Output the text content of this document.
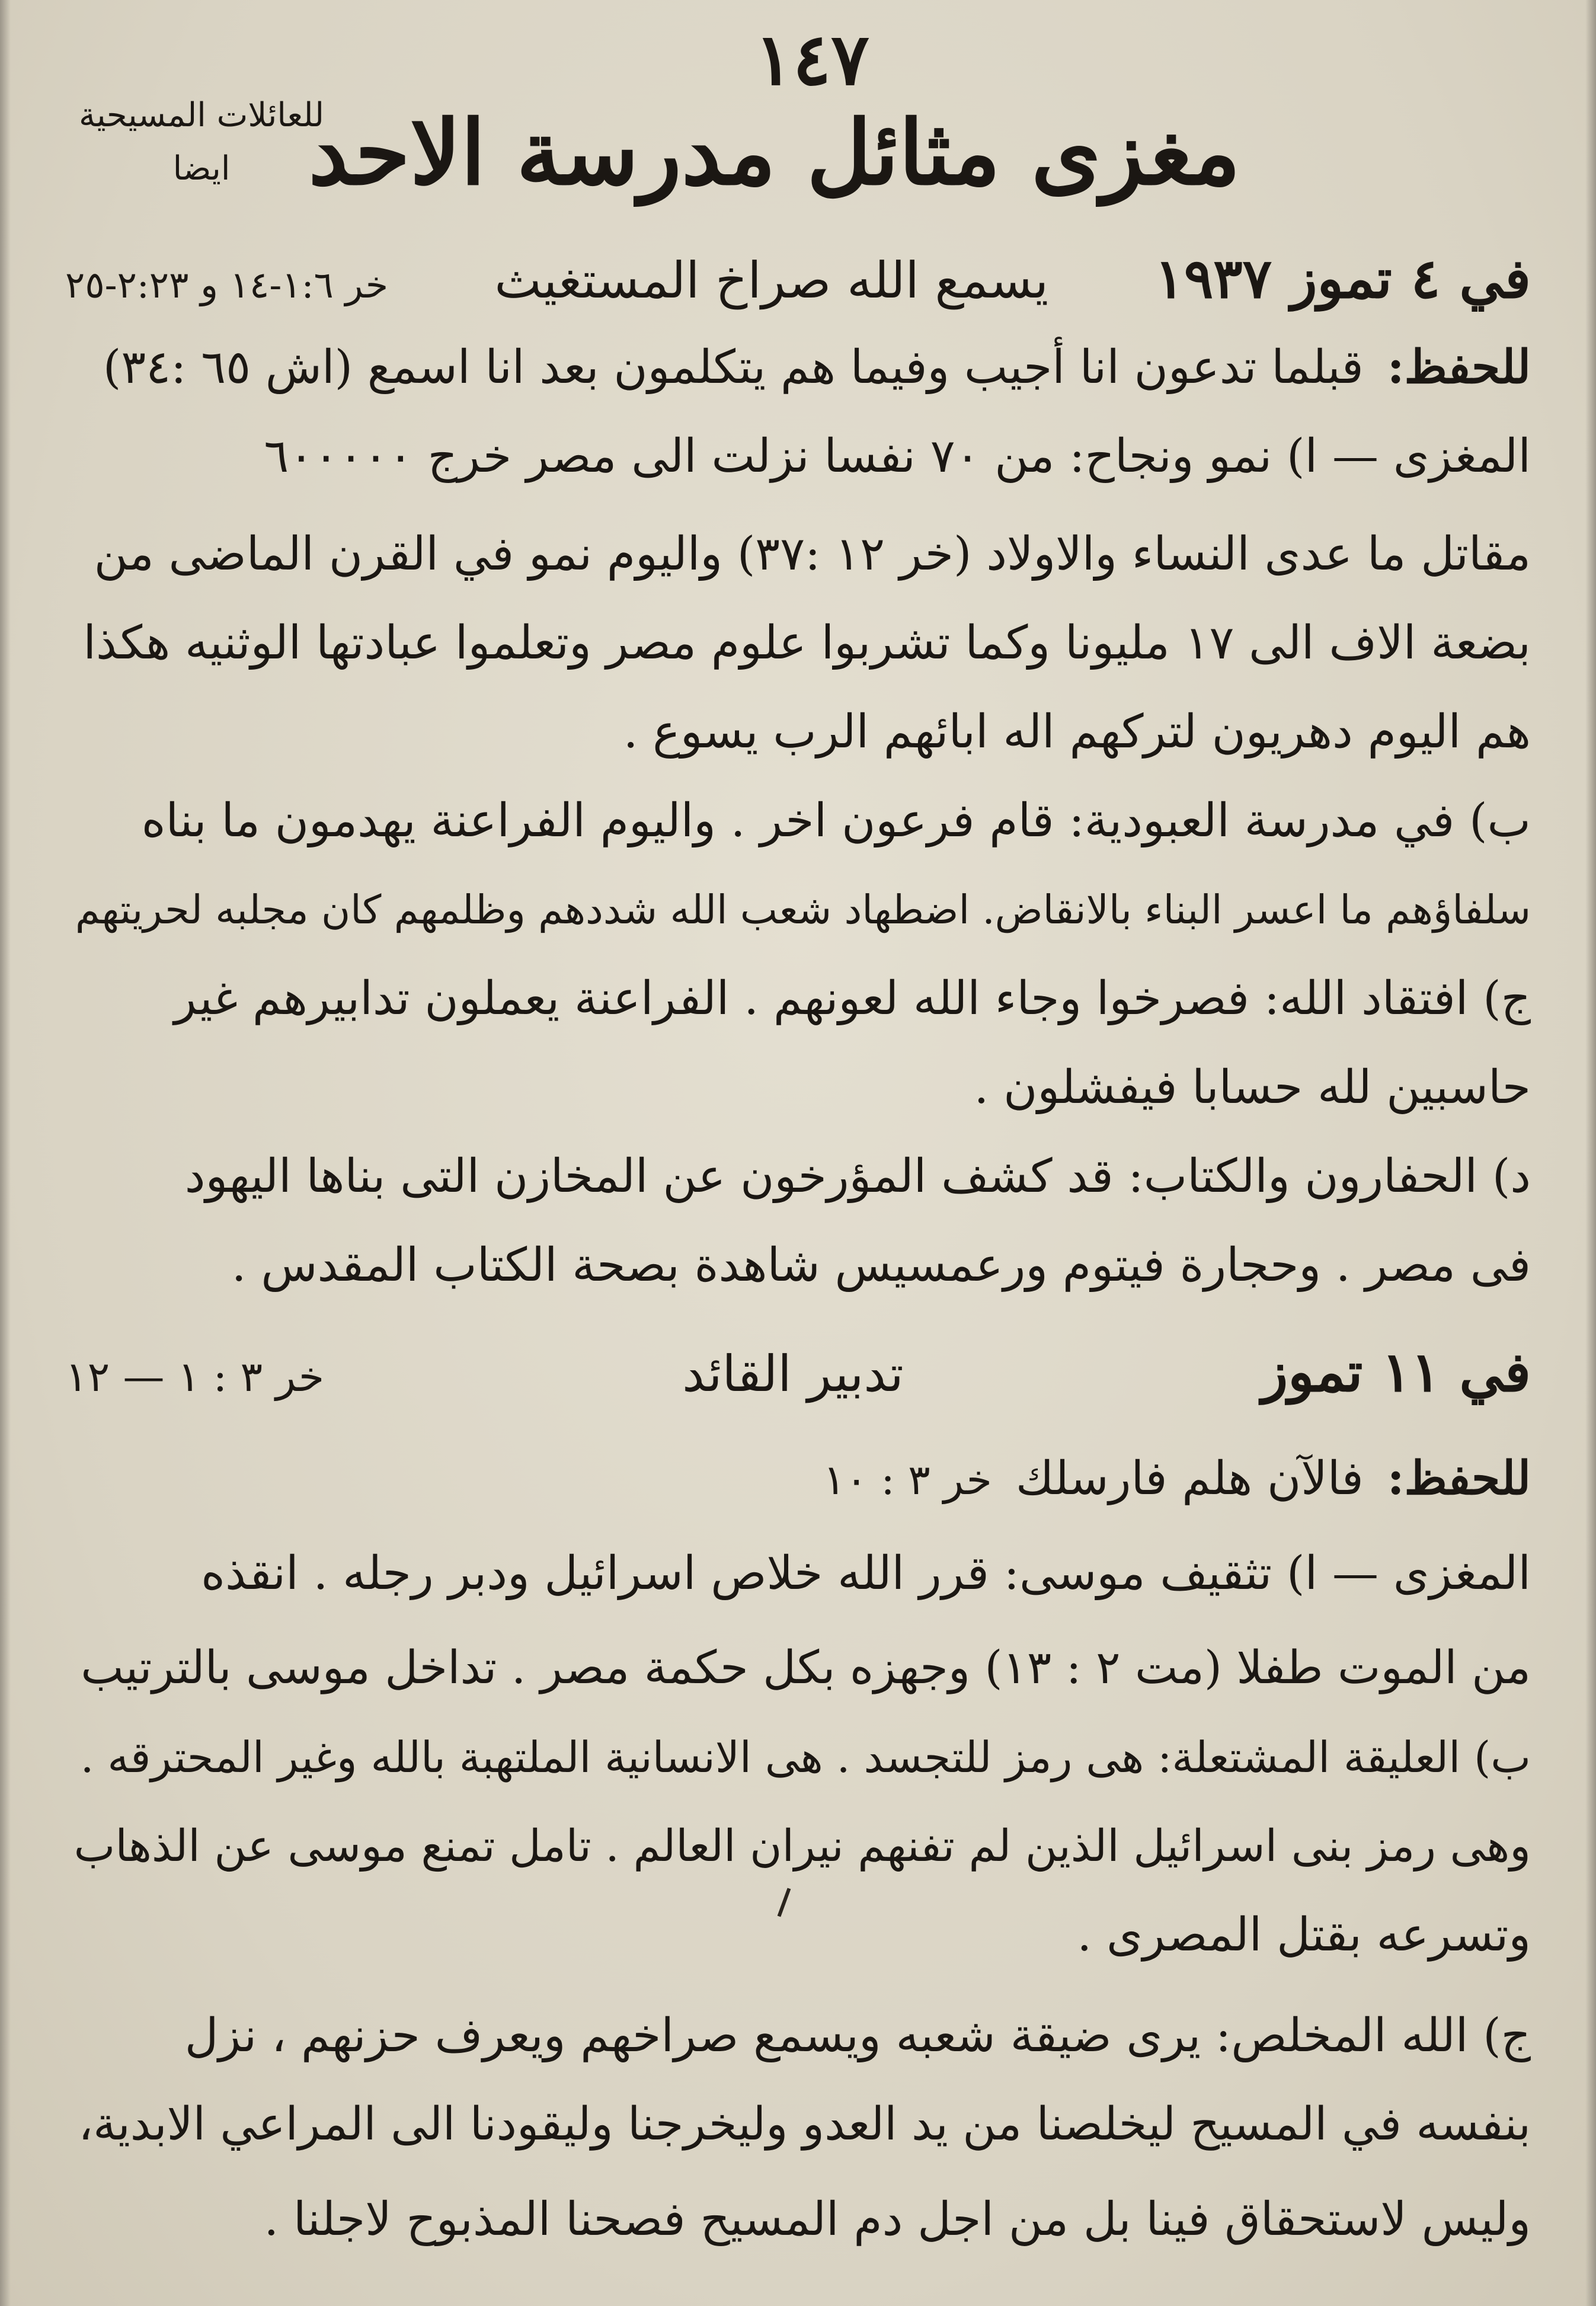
١٤٧
مغزى مثائل مدرسة الاحد
للعائلات المسيحية
ايضا
في ٤ تموز ١٩٣٧
يسمع الله صراخ المستغيث
خر ١:٦-١٤ و ٢:٢٣-٢٥
للحفظ:
قبلما تدعون انا أجيب وفيما هم يتكلمون بعد انا اسمع (اش ٦٥ :٣٤)
المغزى — ا) نمو ونجاح: من ٧٠ نفسا نزلت الى مصر خرج ٦٠٠٠٠٠
مقاتل ما عدى النساء والاولاد (خر ١٢ :٣٧) واليوم نمو في القرن الماضى من
بضعة الاف الى ١٧ مليونا وكما تشربوا علوم مصر وتعلموا عبادتها الوثنيه هكذا
هم اليوم دهريون لتركهم اله ابائهم الرب يسوع .
ب) في مدرسة العبودية: قام فرعون اخر . واليوم الفراعنة يهدمون ما بناه
سلفاؤهم ما اعسر البناء بالانقاض. اضطهاد شعب الله شددهم وظلمهم كان مجلبه لحريتهم
ج) افتقاد الله: فصرخوا وجاء الله لعونهم . الفراعنة يعملون تدابيرهم غير
حاسبين لله حسابا فيفشلون .
د) الحفارون والكتاب: قد كشف المؤرخون عن المخازن التى بناها اليهود
فى مصر . وحجارة فيتوم ورعمسيس شاهدة بصحة الكتاب المقدس .
في ١١ تموز
تدبير القائد
خر ٣ : ١ — ١٢
للحفظ:
فالآن هلم فارسلك
خر ٣ : ١٠
المغزى — ا) تثقيف موسى: قرر الله خلاص اسرائيل ودبر رجله . انقذه
من الموت طفلا (مت ٢ : ١٣) وجهزه بكل حكمة مصر . تداخل موسى بالترتيب
ب) العليقة المشتعلة: هى رمز للتجسد . هى الانسانية الملتهبة بالله وغير المحترقه .
وهى رمز بنى اسرائيل الذين لم تفنهم نيران العالم . تامل تمنع موسى عن الذهاب
وتسرعه بقتل المصرى .
ج) الله المخلص: يرى ضيقة شعبه ويسمع صراخهم ويعرف حزنهم ، نزل
بنفسه في المسيح ليخلصنا من يد العدو وليخرجنا وليقودنا الى المراعي الابدية،
وليس لاستحقاق فينا بل من اجل دم المسيح فصحنا المذبوح لاجلنا .
